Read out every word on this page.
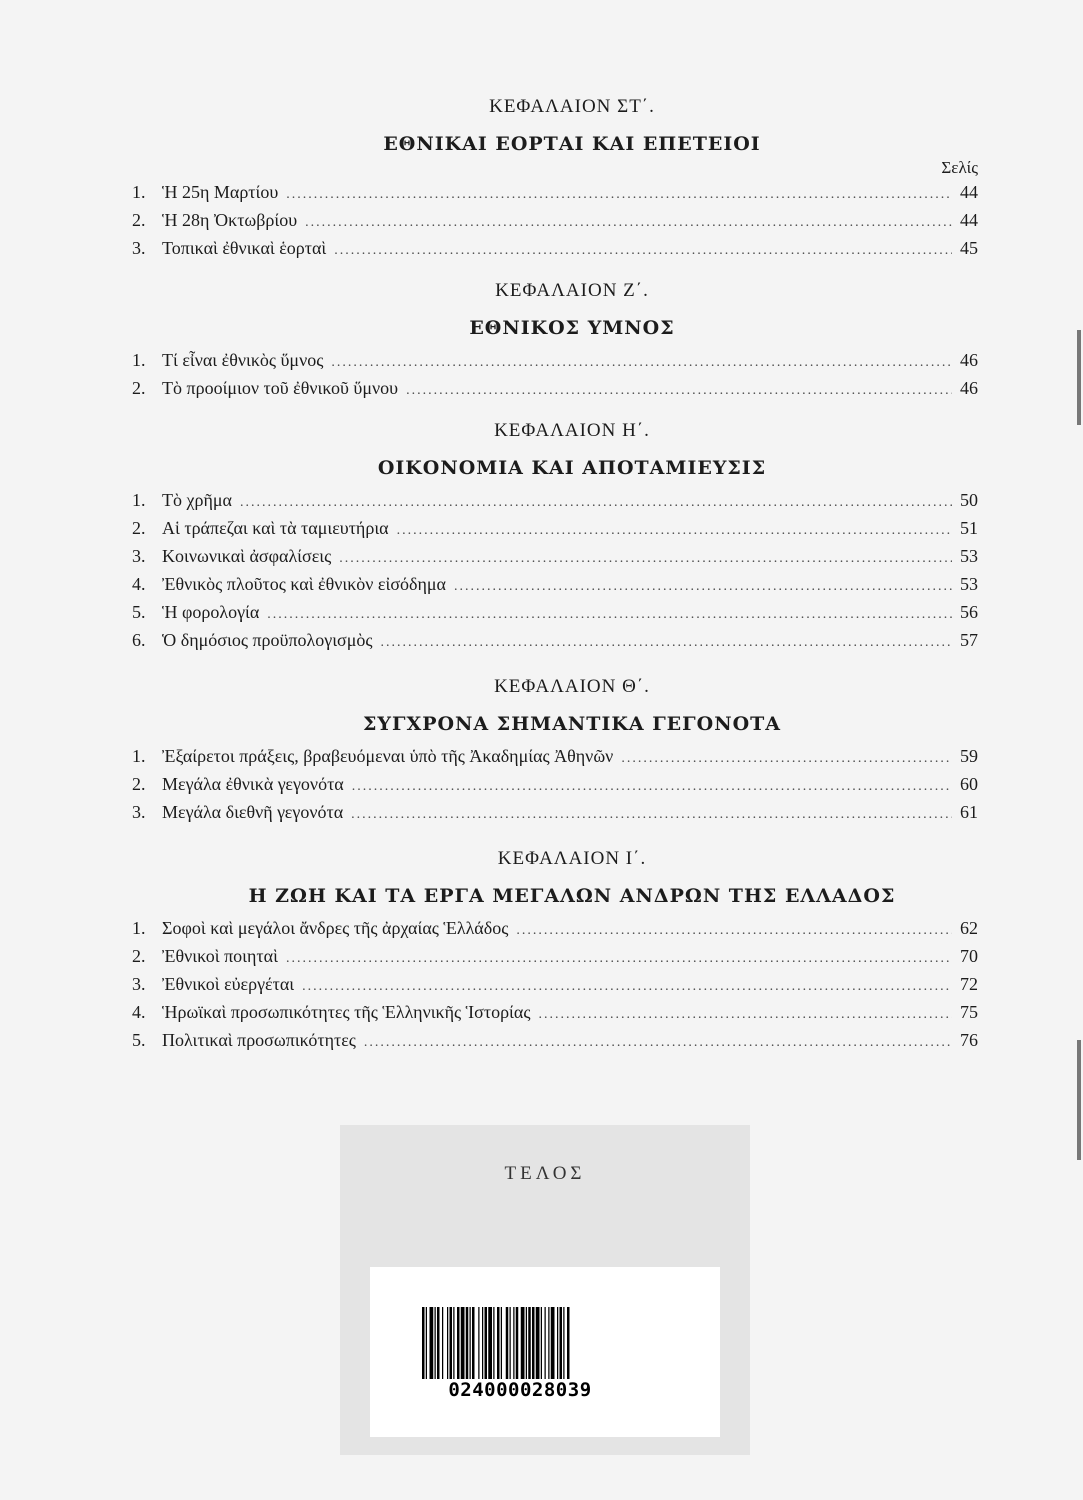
ΚΕΦΑΛΑΙΟΝ ΣΤ΄.
ΕΘΝΙΚΑΙ ΕΟΡΤΑΙ ΚΑΙ ΕΠΕΤΕΙΟΙ
Σελίς
1. Ἡ 25η Μαρτίου .....	44
2. Ἡ 28η Ὀκτωβρίου .....	44
3. Τοπικαὶ ἐθνικαὶ ἑορταὶ .....	45
ΚΕΦΑΛΑΙΟΝ Ζ΄.
ΕΘΝΙΚΟΣ ΥΜΝΟΣ
1. Τί εἶναι ἐθνικὸς ὕμνος .....	46
2. Τὸ προοίμιον τοῦ ἐθνικοῦ ὕμνου .....	46
ΚΕΦΑΛΑΙΟΝ Η΄.
ΟΙΚΟΝΟΜΙΑ ΚΑΙ ΑΠΟΤΑΜΙΕΥΣΙΣ
1. Τὸ χρῆμα .....	50
2. Αἱ τράπεζαι καὶ τὰ ταμιευτήρια .....	51
3. Κοινωνικαὶ ἀσφαλίσεις .....	53
4. Ἐθνικὸς πλοῦτος καὶ ἐθνικὸν εἰσόδημα .....	53
5. Ἡ φορολογία .....	56
6. Ὁ δημόσιος προϋπολογισμὸς .....	57
ΚΕΦΑΛΑΙΟΝ Θ΄.
ΣΥΓΧΡΟΝΑ ΣΗΜΑΝΤΙΚΑ ΓΕΓΟΝΟΤΑ
1. Ἐξαίρετοι πράξεις, βραβευόμεναι ὑπὸ τῆς Ἀκαδημίας Ἀθηνῶν .....	59
2. Μεγάλα ἐθνικὰ γεγονότα .....	60
3. Μεγάλα διεθνῆ γεγονότα .....	61
ΚΕΦΑΛΑΙΟΝ Ι΄.
Η ΖΩΗ ΚΑΙ ΤΑ ΕΡΓΑ ΜΕΓΑΛΩΝ ΑΝΔΡΩΝ ΤΗΣ ΕΛΛΑΔΟΣ
1. Σοφοὶ καὶ μεγάλοι ἄνδρες τῆς ἀρχαίας Ἑλλάδος .....	62
2. Ἐθνικοὶ ποιηταὶ .....	70
3. Ἐθνικοὶ εὐεργέται .....	72
4. Ἡρωϊκαὶ προσωπικότητες τῆς Ἑλληνικῆς Ἱστορίας .....	75
5. Πολιτικαὶ προσωπικότητες .....	76
ΤΕΛΟΣ
024000028039
